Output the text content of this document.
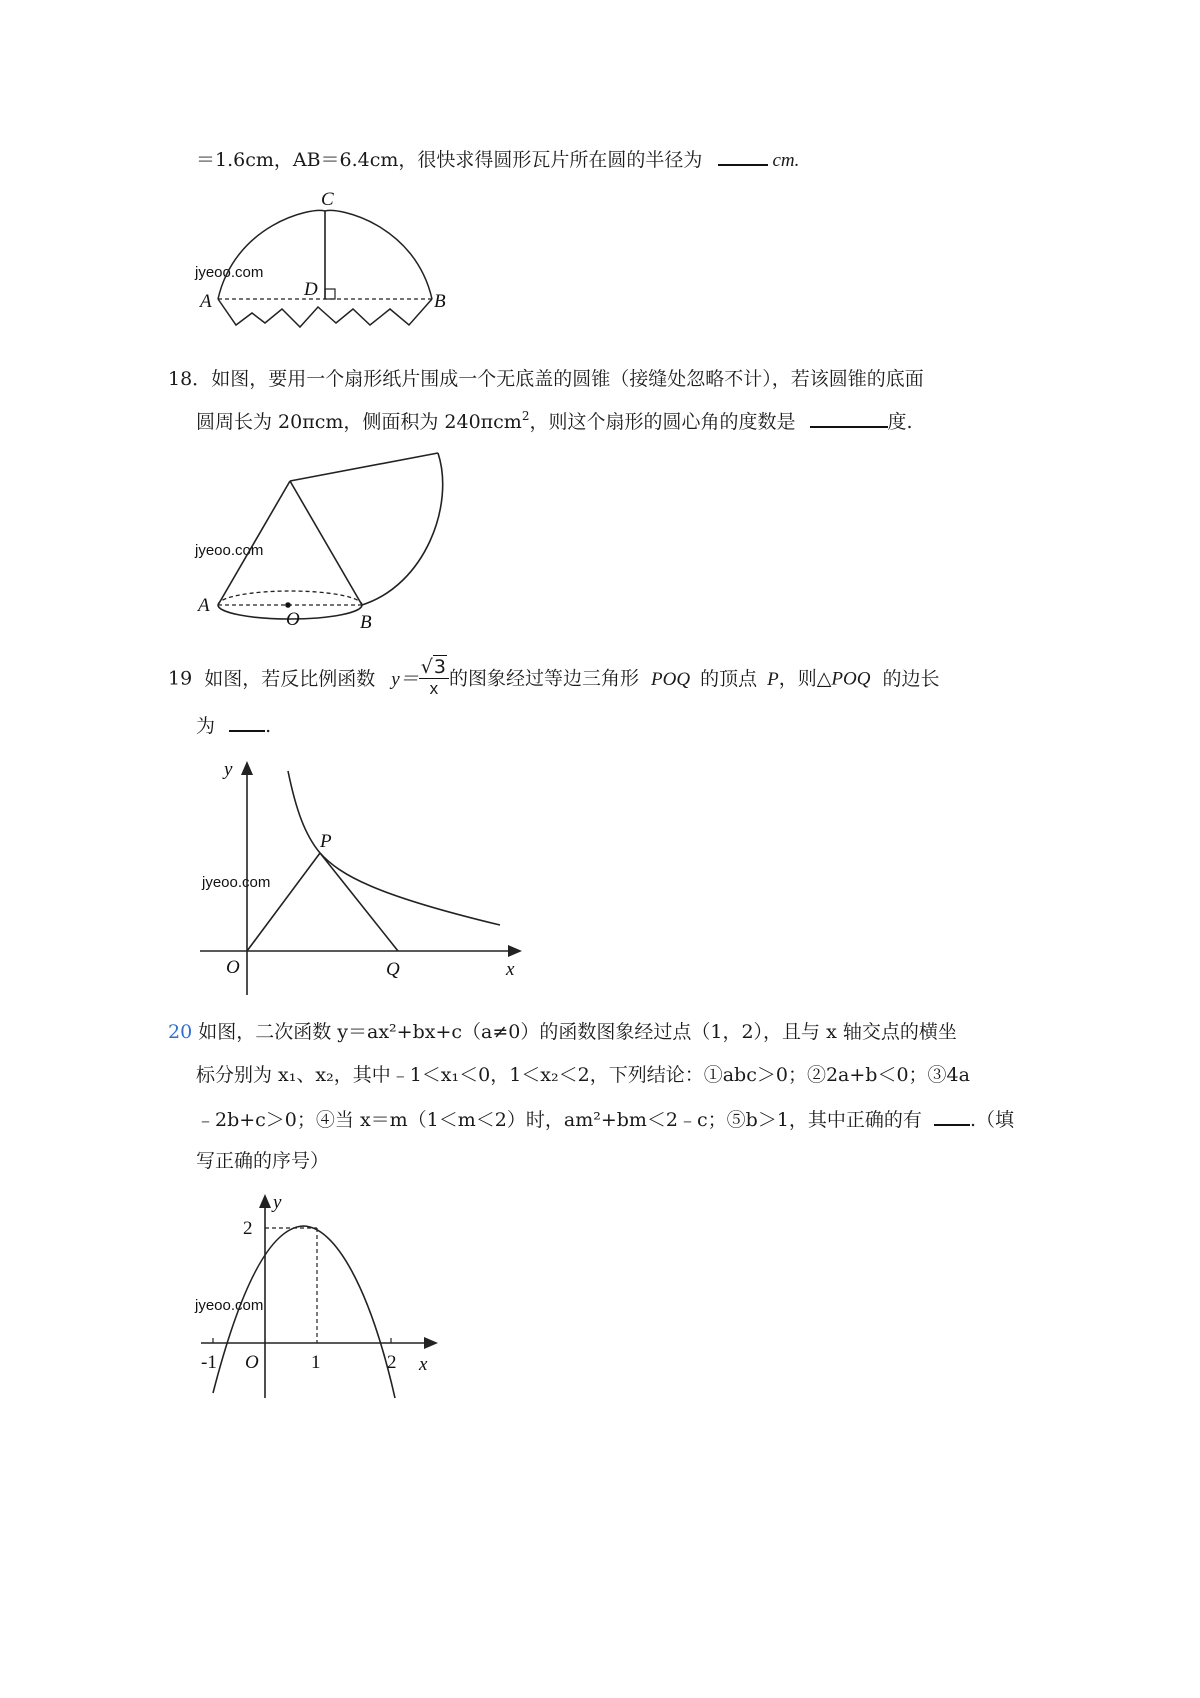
＝1.6cm，AB＝6.4cm，很快求得圆形瓦片所在圆的半径为	cm.
jyeoo.com
A	B
C
D
18．如图，要用一个扇形纸片围成一个无底盖的圆锥（接缝处忽略不计），若该圆锥的底面
圆周长为 20πcm，侧面积为 240πcm$^2$，则这个扇形的圆心角的度数是	度.
jyeoo.com
A
O	B
19 如图，若反比例函数 $y= \frac{√3}{x}$ 的图象经过等边三角形 POQ 的顶点 P，则△POQ 的边长
为	.
jyeoo.com
y
P
O	Q	x
20 如图，二次函数 y＝ax²+bx+c（a≠0）的函数图象经过点（1，2），且与 x 轴交点的横坐
标分别为 x₁、x₂，其中﹣1＜x₁＜0，1＜x₂＜2，下列结论：①abc＞0；②2a+b＜0；③4a
﹣2b+c＞0；④当 x＝m（1＜m＜2）时，am²+bm＜2﹣c；⑤b＞1，其中正确的有	.（填
写正确的序号）
jyeoo.com
y
2
-1 O	1	2 x
